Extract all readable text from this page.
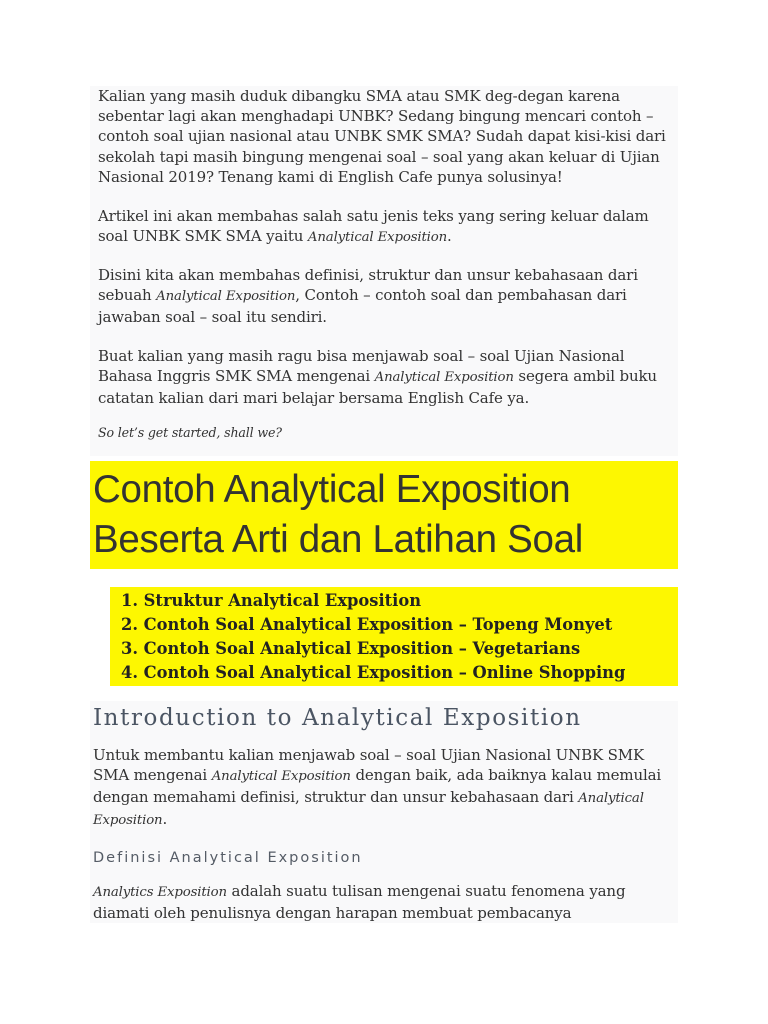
Kalian yang masih duduk dibangku SMA atau SMK deg-degan karena sebentar lagi akan menghadapi UNBK? Sedang bingung mencari contoh – contoh soal ujian nasional atau UNBK SMK SMA? Sudah dapat kisi-kisi dari sekolah tapi masih bingung mengenai soal – soal yang akan keluar di Ujian Nasional 2019? Tenang kami di English Cafe punya solusinya!

Artikel ini akan membahas salah satu jenis teks yang sering keluar dalam soal UNBK SMK SMA yaitu Analytical Exposition.

Disini kita akan membahas definisi, struktur dan unsur kebahasaan dari sebuah Analytical Exposition, Contoh – contoh soal dan pembahasan dari jawaban soal – soal itu sendiri.

Buat kalian yang masih ragu bisa menjawab soal – soal Ujian Nasional Bahasa Inggris SMK SMA mengenai Analytical Exposition segera ambil buku catatan kalian dari mari belajar bersama English Cafe ya.

So let’s get started, shall we?

Contoh Analytical Exposition
Beserta Arti dan Latihan Soal
1. Struktur Analytical Exposition
2. Contoh Soal Analytical Exposition – Topeng Monyet
3. Contoh Soal Analytical Exposition – Vegetarians
4. Contoh Soal Analytical Exposition – Online Shopping
Introduction to Analytical Exposition

Untuk membantu kalian menjawab soal – soal Ujian Nasional UNBK SMK SMA mengenai Analytical Exposition dengan baik, ada baiknya kalau memulai dengan memahami definisi, struktur dan unsur kebahasaan dari Analytical Exposition.

Definisi Analytical Exposition

Analytics Exposition adalah suatu tulisan mengenai suatu fenomena yang diamati oleh penulisnya dengan harapan membuat pembacanya
